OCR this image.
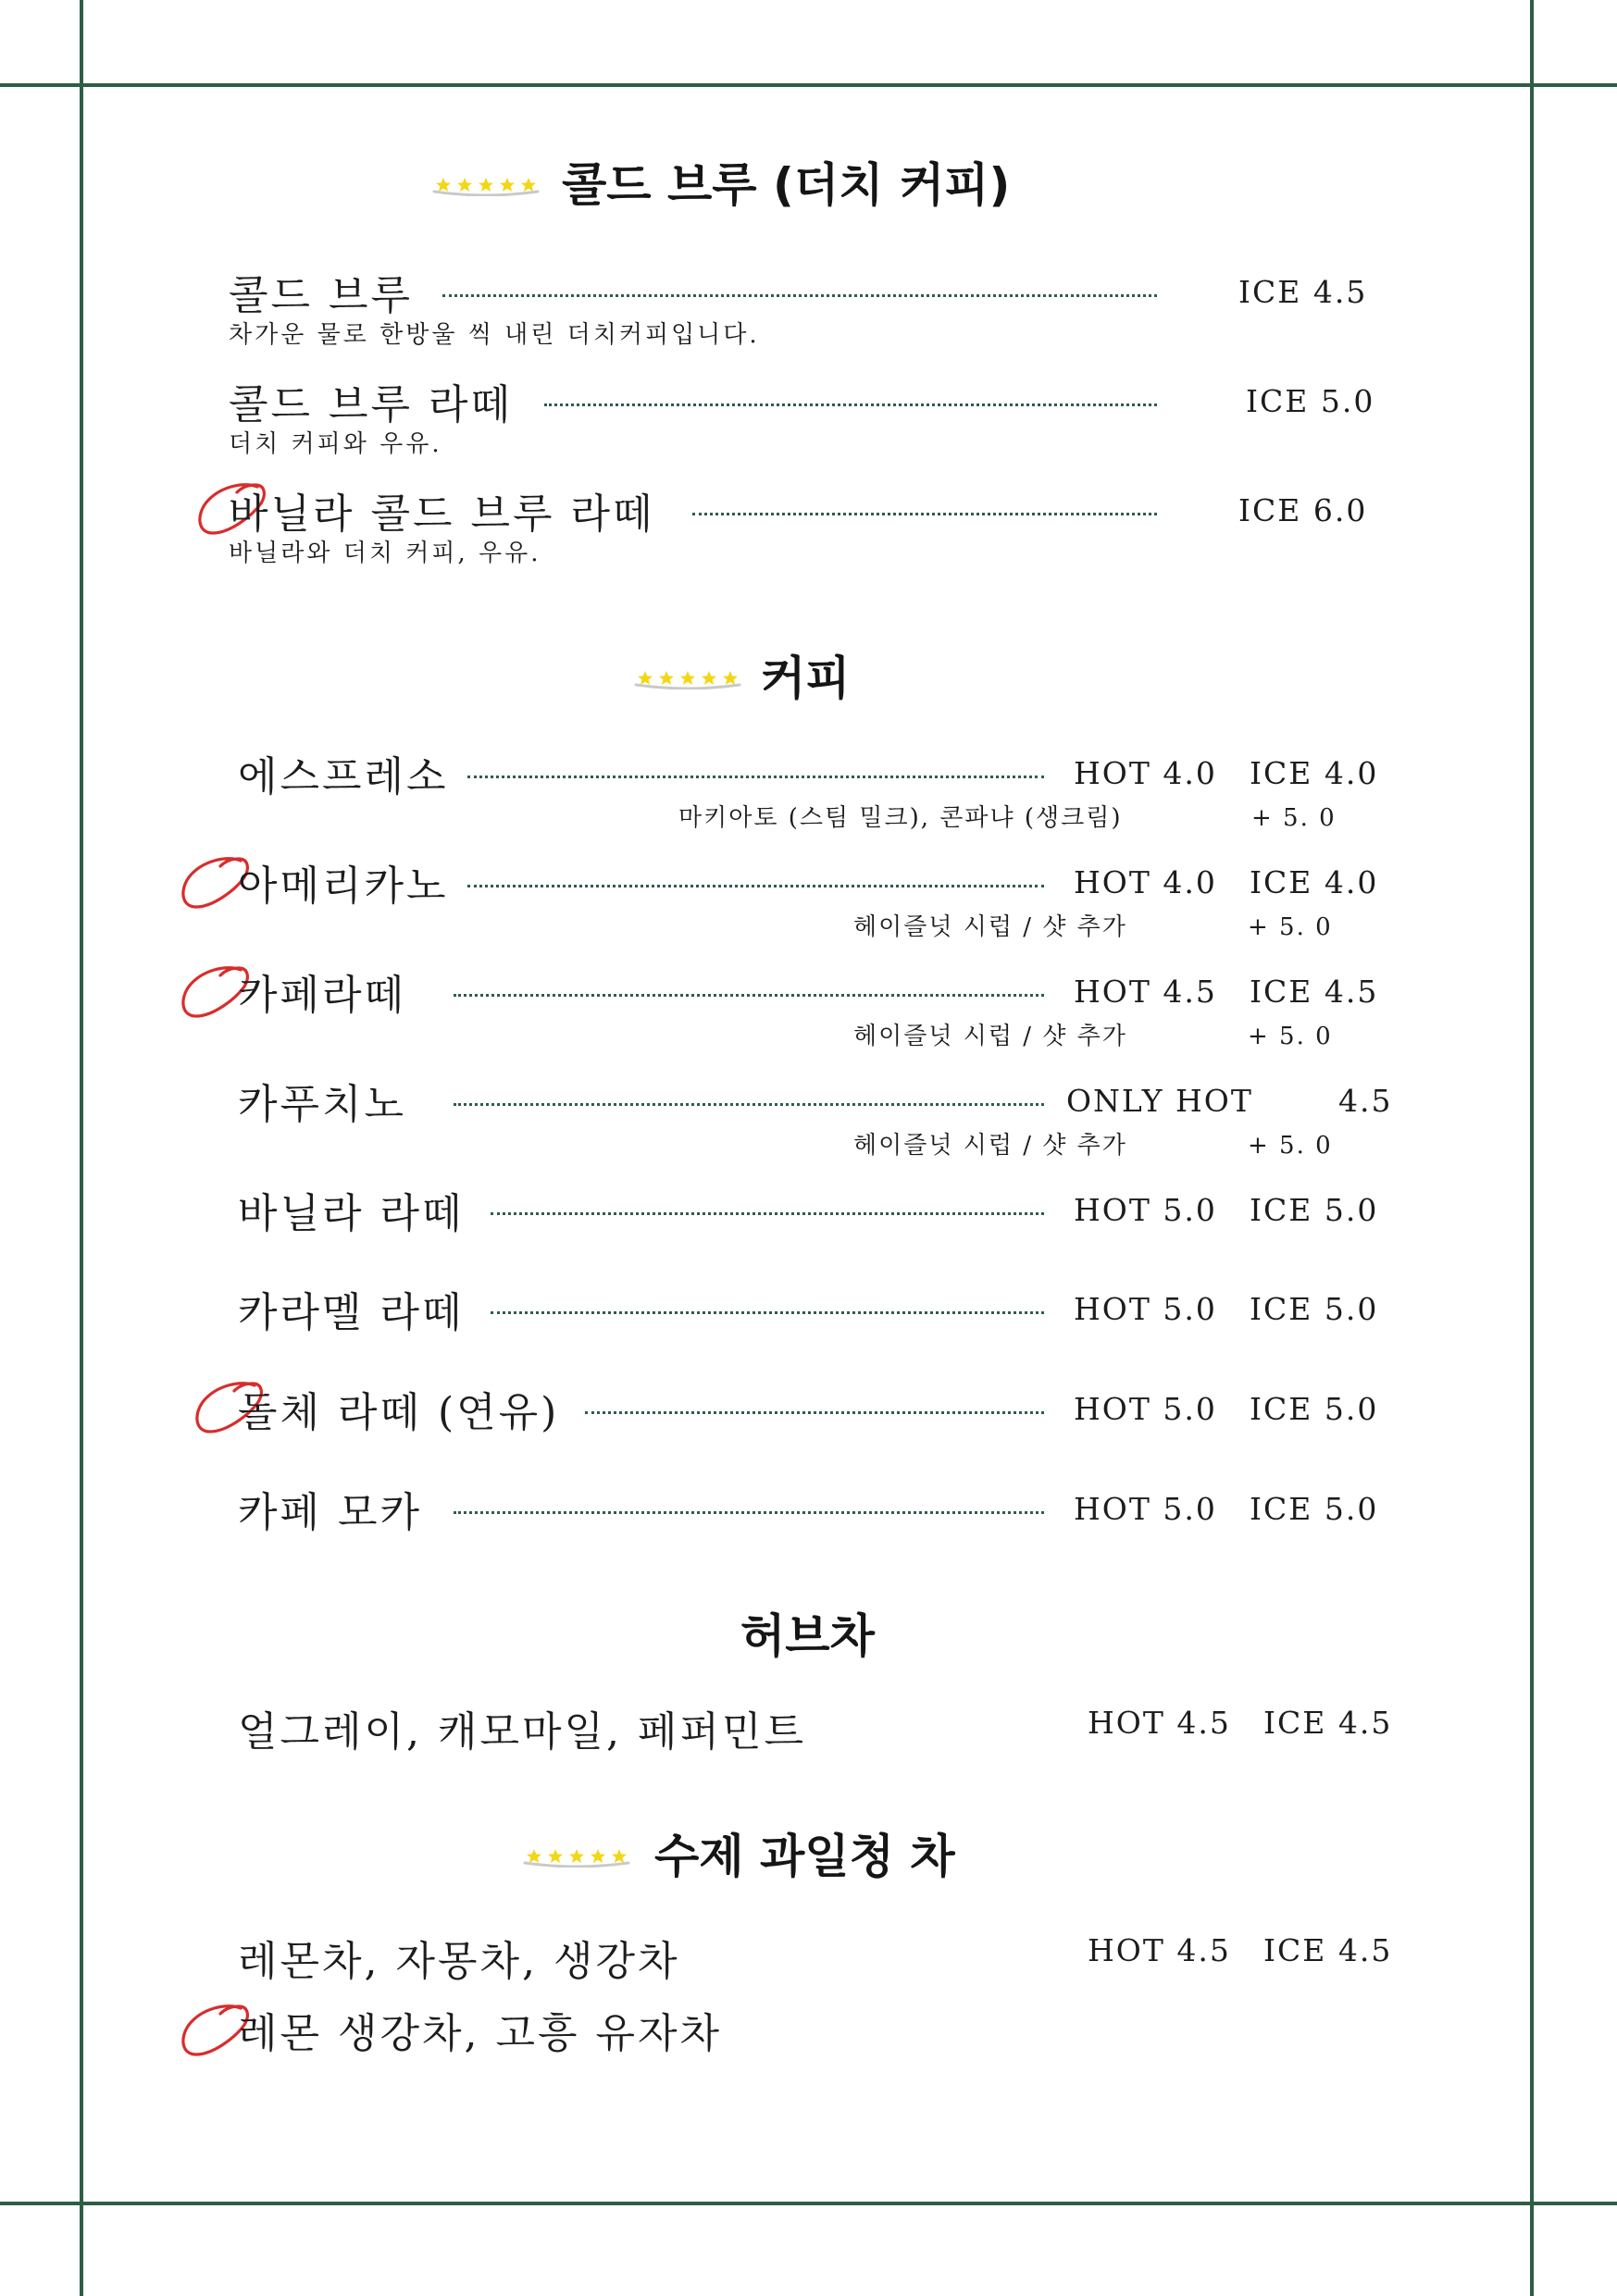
콜드 브루 (더치 커피)
콜드 브루	ICE 4.5
차가운 물로 한방울 씩 내린 더치커피입니다.
콜드 브루 라떼	ICE 5.0
더치 커피와 우유.
바닐라 콜드 브루 라떼	ICE 6.0
바닐라와 더치 커피, 우유.
커피
에스프레소	HOT 4.0 ICE 4.0
마키아토 (스팀 밀크), 콘파냐 (생크림)	+ 5. 0
아메리카노	HOT 4.0 ICE 4.0
헤이즐넛 시럽 / 샷 추가	+ 5. 0
카페라떼	HOT 4.5 ICE 4.5
헤이즐넛 시럽 / 샷 추가	+ 5. 0
카푸치노	ONLY HOT	4.5
헤이즐넛 시럽 / 샷 추가	+ 5. 0
바닐라 라떼	HOT 5.0 ICE 5.0
카라멜 라떼	HOT 5.0 ICE 5.0
돌체 라떼 (연유)	HOT 5.0 ICE 5.0
카페 모카	HOT 5.0 ICE 5.0
허브차
얼그레이, 캐모마일, 페퍼민트	HOT 4.5 ICE 4.5
수제 과일청 차
레몬차, 자몽차, 생강차	HOT 4.5 ICE 4.5
레몬 생강차, 고흥 유자차
